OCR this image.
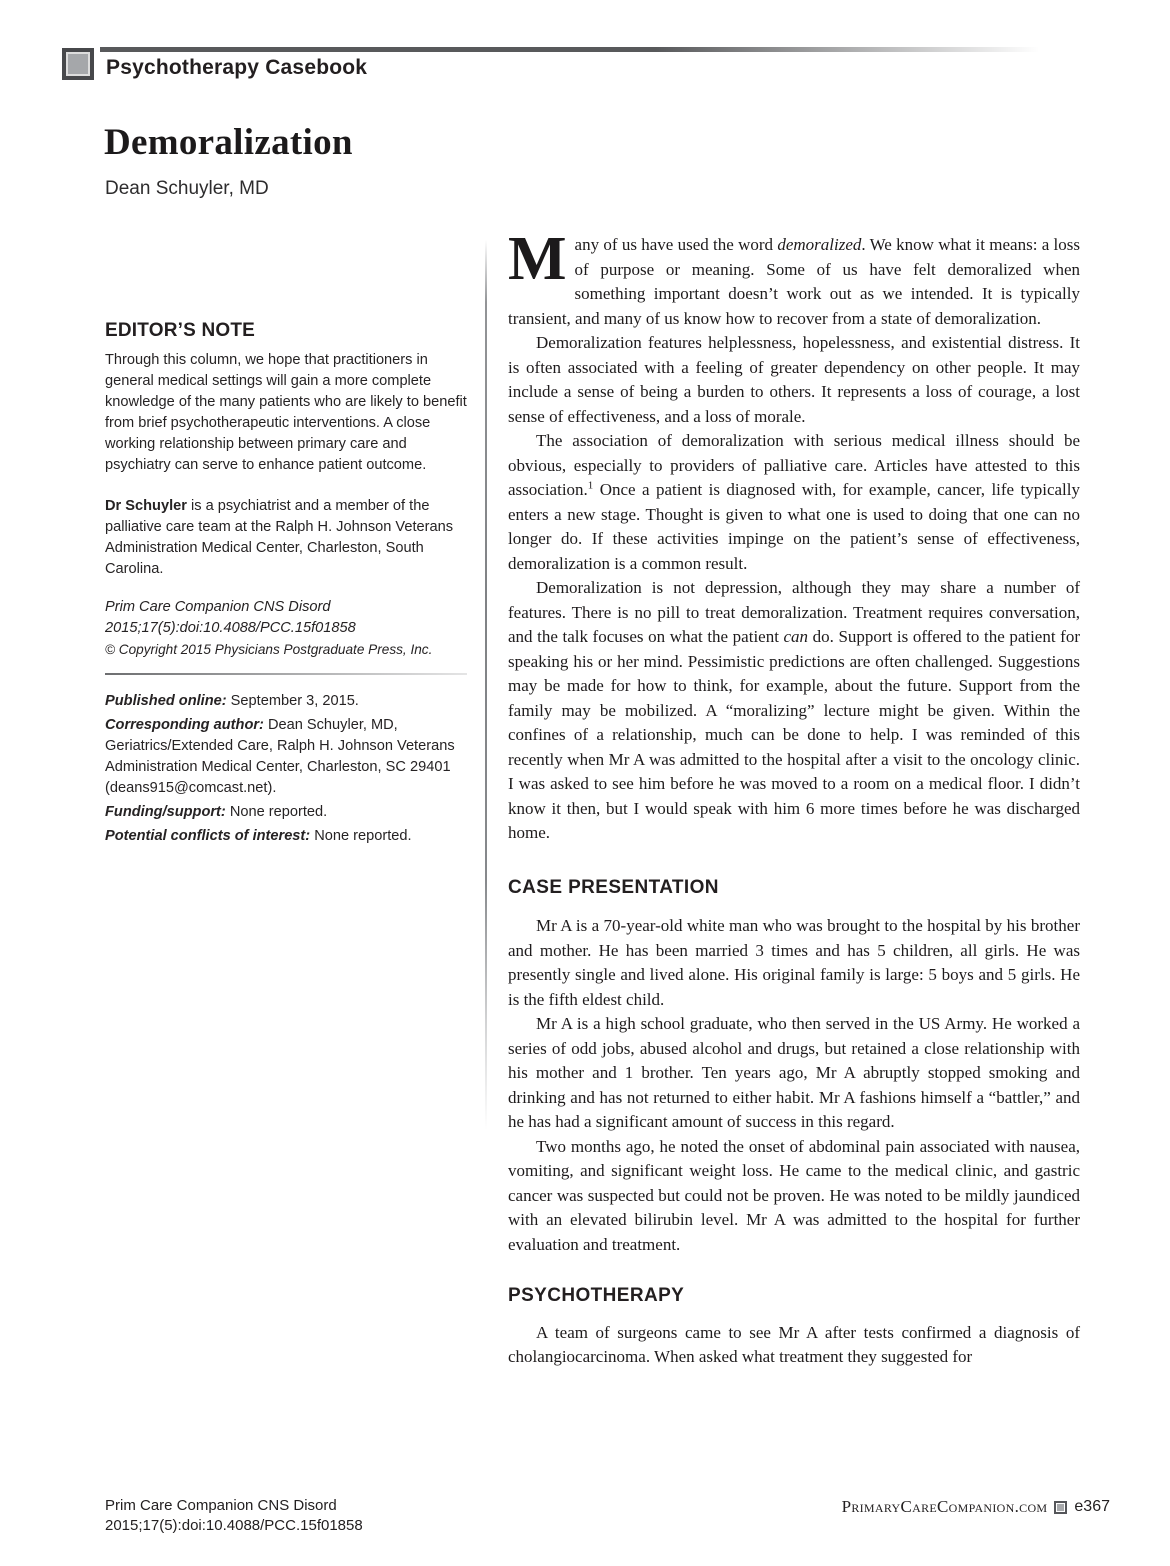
Psychotherapy Casebook
Demoralization
Dean Schuyler, MD
EDITOR’S NOTE

Through this column, we hope that practitioners in general medical settings will gain a more complete knowledge of the many patients who are likely to benefit from brief psychotherapeutic interventions. A close working relationship between primary care and psychiatry can serve to enhance patient outcome.

Dr Schuyler is a psychiatrist and a member of the palliative care team at the Ralph H. Johnson Veterans Administration Medical Center, Charleston, South Carolina.

Prim Care Companion CNS Disord
2015;17(5):doi:10.4088/PCC.15f01858
© Copyright 2015 Physicians Postgraduate Press, Inc.

Published online: September 3, 2015.

Corresponding author: Dean Schuyler, MD, Geriatrics/Extended Care, Ralph H. Johnson Veterans Administration Medical Center, Charleston, SC 29401 (deans915@comcast.net).

Funding/support: None reported.

Potential conflicts of interest: None reported.

Many of us have used the word demoralized. We know what it means: a loss of purpose or meaning. Some of us have felt demoralized when something important doesn’t work out as we intended. It is typically transient, and many of us know how to recover from a state of demoralization.

Demoralization features helplessness, hopelessness, and existential distress. It is often associated with a feeling of greater dependency on other people. It may include a sense of being a burden to others. It represents a loss of courage, a lost sense of effectiveness, and a loss of morale.

The association of demoralization with serious medical illness should be obvious, especially to providers of palliative care. Articles have attested to this association.$^1$ Once a patient is diagnosed with, for example, cancer, life typically enters a new stage. Thought is given to what one is used to doing that one can no longer do. If these activities impinge on the patient’s sense of effectiveness, demoralization is a common result.

Demoralization is not depression, although they may share a number of features. There is no pill to treat demoralization. Treatment requires conversation, and the talk focuses on what the patient can do. Support is offered to the patient for speaking his or her mind. Pessimistic predictions are often challenged. Suggestions may be made for how to think, for example, about the future. Support from the family may be mobilized. A “moralizing” lecture might be given. Within the confines of a relationship, much can be done to help. I was reminded of this recently when Mr A was admitted to the hospital after a visit to the oncology clinic. I was asked to see him before he was moved to a room on a medical floor. I didn’t know it then, but I would speak with him 6 more times before he was discharged home.

CASE PRESENTATION

Mr A is a 70-year-old white man who was brought to the hospital by his brother and mother. He has been married 3 times and has 5 children, all girls. He was presently single and lived alone. His original family is large: 5 boys and 5 girls. He is the fifth eldest child.

Mr A is a high school graduate, who then served in the US Army. He worked a series of odd jobs, abused alcohol and drugs, but retained a close relationship with his mother and 1 brother. Ten years ago, Mr A abruptly stopped smoking and drinking and has not returned to either habit. Mr A fashions himself a “battler,” and he has had a significant amount of success in this regard.

Two months ago, he noted the onset of abdominal pain associated with nausea, vomiting, and significant weight loss. He came to the medical clinic, and gastric cancer was suspected but could not be proven. He was noted to be mildly jaundiced with an elevated bilirubin level. Mr A was admitted to the hospital for further evaluation and treatment.

PSYCHOTHERAPY

A team of surgeons came to see Mr A after tests confirmed a diagnosis of cholangiocarcinoma. When asked what treatment they suggested for

Prim Care Companion CNS Disord
2015;17(5):doi:10.4088/PCC.15f01858
PrimaryCareCompanion.com e367
